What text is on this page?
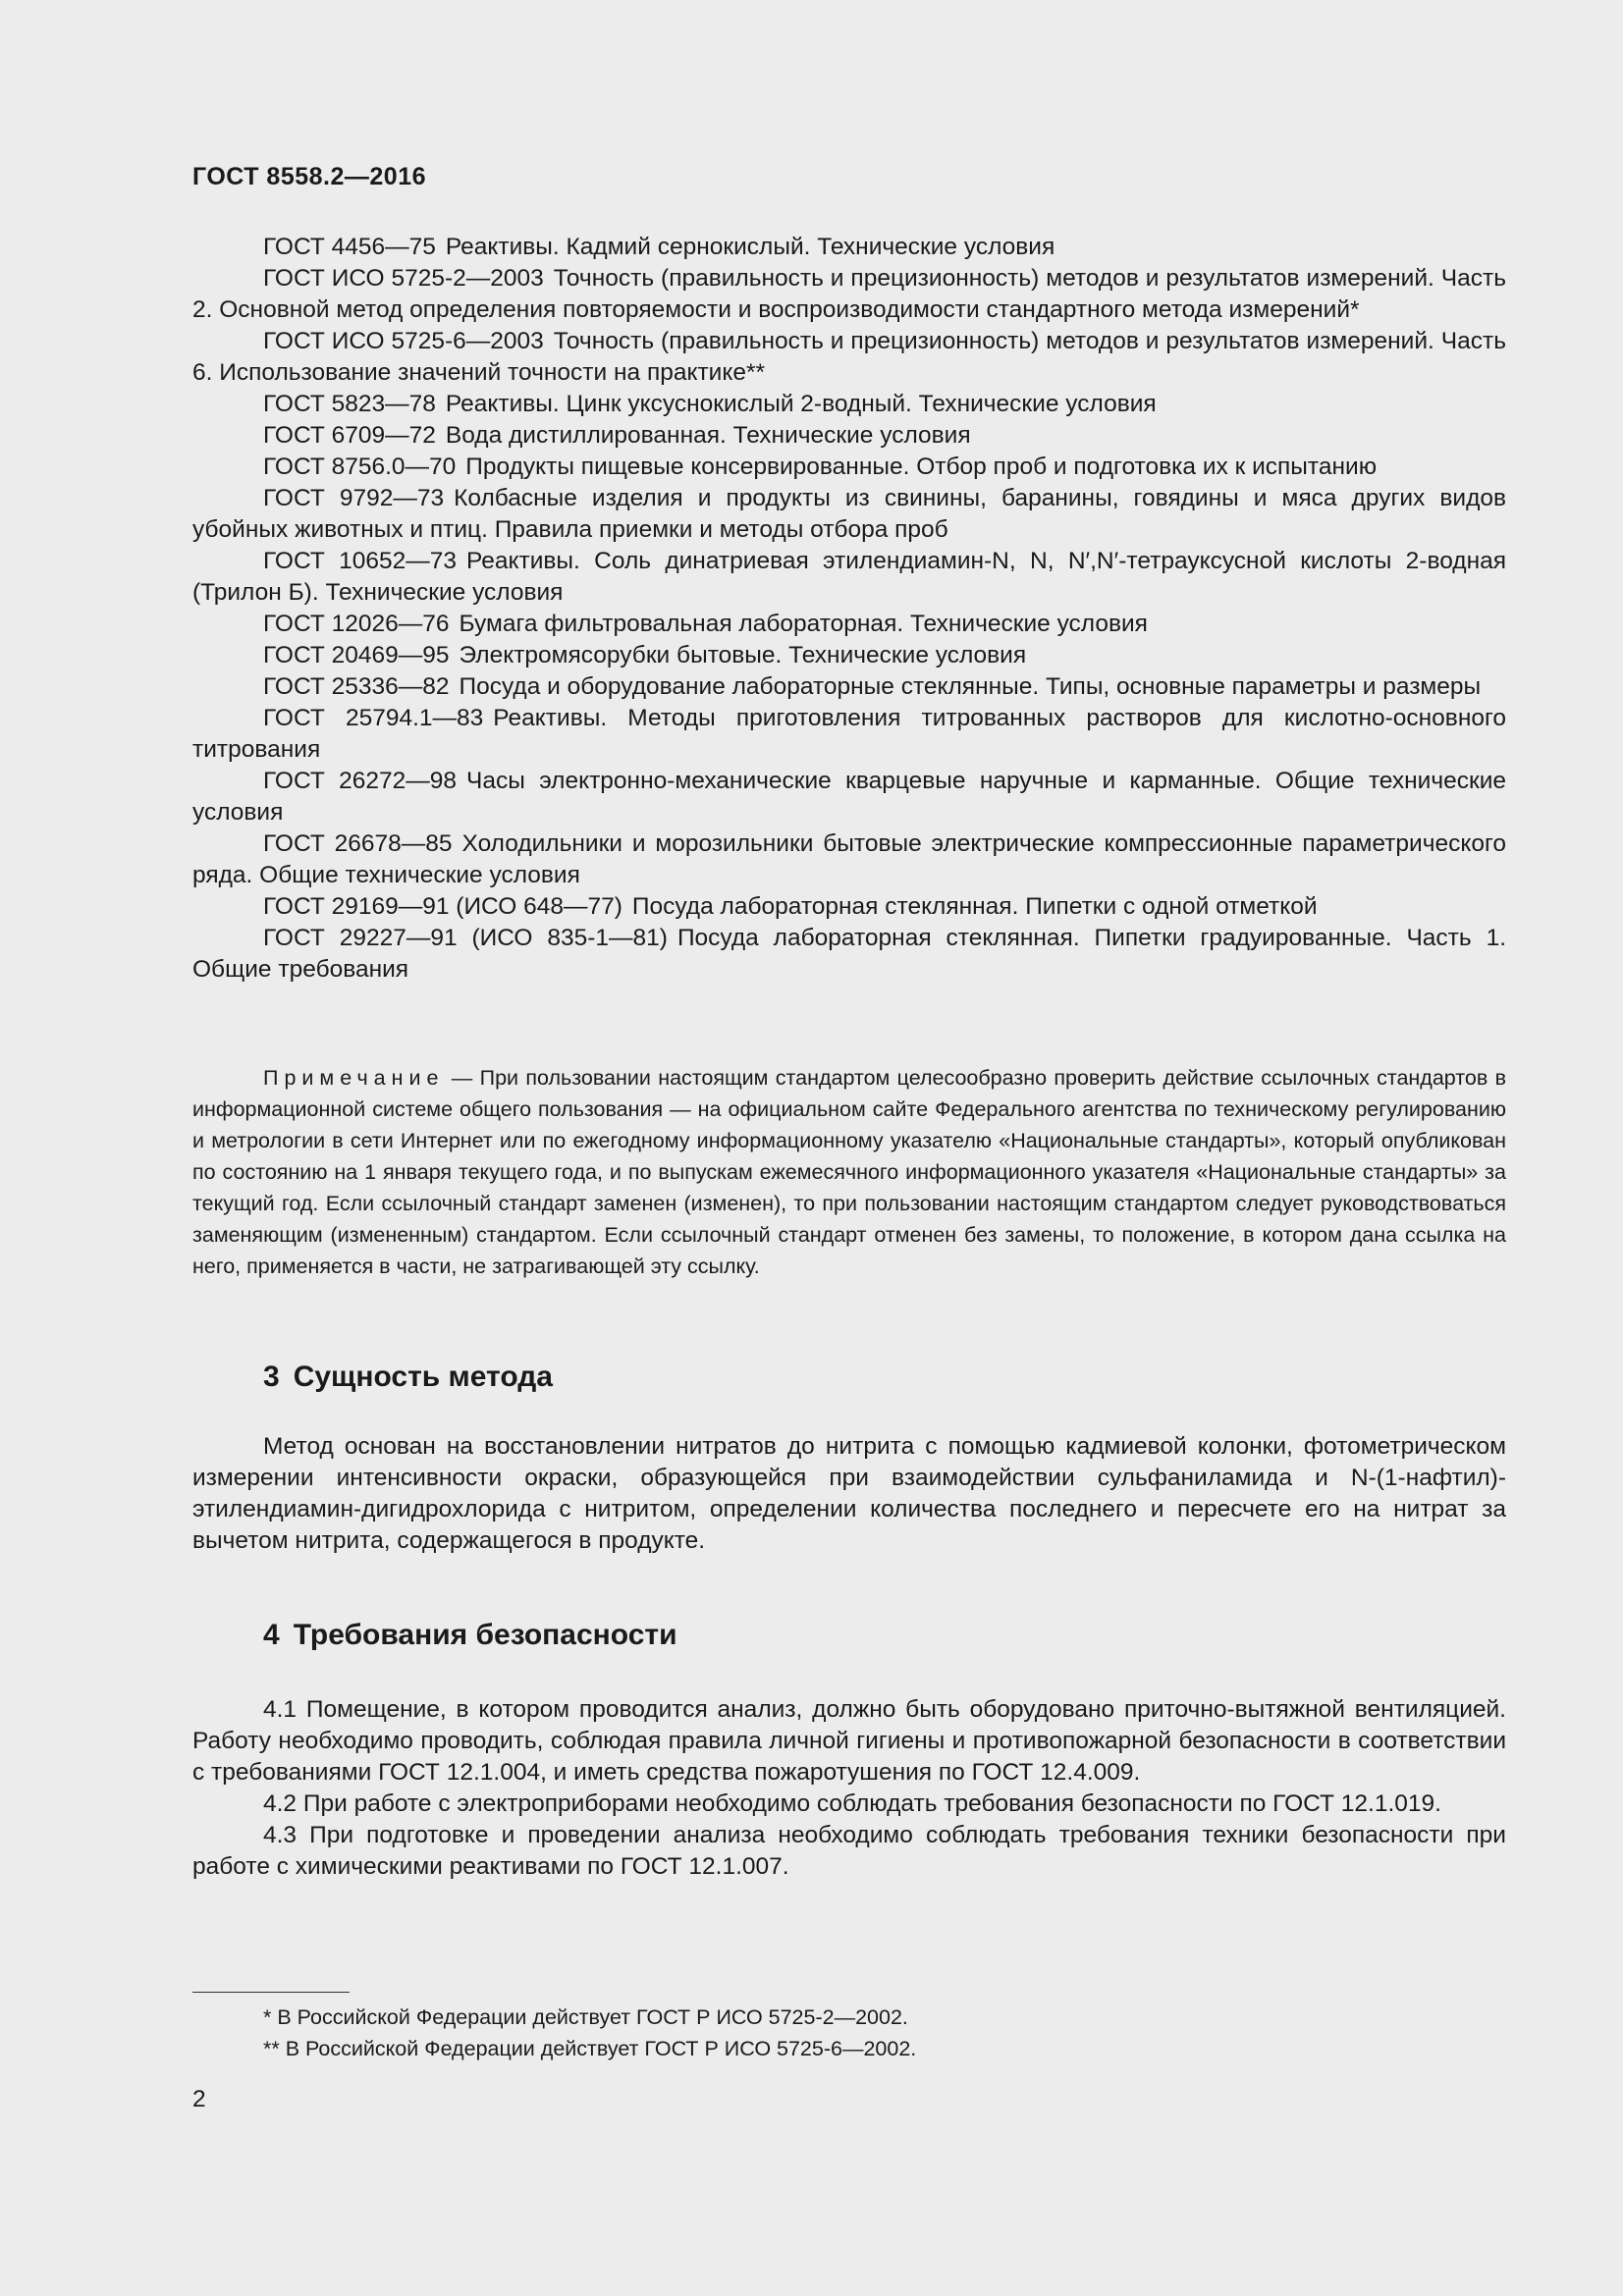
ГОСТ 8558.2—2016

ГОСТ 4456—75 Реактивы. Кадмий сернокислый. Технические условия

ГОСТ ИСО 5725-2—2003 Точность (правильность и прецизионность) методов и результатов измерений. Часть 2. Основной метод определения повторяемости и воспроизводимости стандартного метода измерений*

ГОСТ ИСО 5725-6—2003 Точность (правильность и прецизионность) методов и результатов измерений. Часть 6. Использование значений точности на практике**

ГОСТ 5823—78 Реактивы. Цинк уксуснокислый 2-водный. Технические условия

ГОСТ 6709—72 Вода дистиллированная. Технические условия

ГОСТ 8756.0—70 Продукты пищевые консервированные. Отбор проб и подготовка их к испытанию

ГОСТ 9792—73 Колбасные изделия и продукты из свинины, баранины, говядины и мяса других видов убойных животных и птиц. Правила приемки и методы отбора проб

ГОСТ 10652—73 Реактивы. Соль динатриевая этилендиамин-N, N, N′,N′-тетрауксусной кислоты 2-водная (Трилон Б). Технические условия

ГОСТ 12026—76 Бумага фильтровальная лабораторная. Технические условия

ГОСТ 20469—95 Электромясорубки бытовые. Технические условия

ГОСТ 25336—82 Посуда и оборудование лабораторные стеклянные. Типы, основные параметры и размеры

ГОСТ 25794.1—83 Реактивы. Методы приготовления титрованных растворов для кислотно-основного титрования

ГОСТ 26272—98 Часы электронно-механические кварцевые наручные и карманные. Общие технические условия

ГОСТ 26678—85 Холодильники и морозильники бытовые электрические компрессионные параметрического ряда. Общие технические условия

ГОСТ 29169—91 (ИСО 648—77) Посуда лабораторная стеклянная. Пипетки с одной отметкой

ГОСТ 29227—91 (ИСО 835-1—81) Посуда лабораторная стеклянная. Пипетки градуированные. Часть 1. Общие требования

Примечание — При пользовании настоящим стандартом целесообразно проверить действие ссылочных стандартов в информационной системе общего пользования — на официальном сайте Федерального агентства по техническому регулированию и метрологии в сети Интернет или по ежегодному информационному указателю «Национальные стандарты», который опубликован по состоянию на 1 января текущего года, и по выпускам ежемесячного информационного указателя «Национальные стандарты» за текущий год. Если ссылочный стандарт заменен (изменен), то при пользовании настоящим стандартом следует руководствоваться заменяющим (измененным) стандартом. Если ссылочный стандарт отменен без замены, то положение, в котором дана ссылка на него, применяется в части, не затрагивающей эту ссылку.

3 Сущность метода

Метод основан на восстановлении нитратов до нитрита с помощью кадмиевой колонки, фотометрическом измерении интенсивности окраски, образующейся при взаимодействии сульфаниламида и N-(1-нафтил)-этилендиамин-дигидрохлорида с нитритом, определении количества последнего и пересчете его на нитрат за вычетом нитрита, содержащегося в продукте.

4 Требования безопасности

4.1 Помещение, в котором проводится анализ, должно быть оборудовано приточно-вытяжной вентиляцией. Работу необходимо проводить, соблюдая правила личной гигиены и противопожарной безопасности в соответствии с требованиями ГОСТ 12.1.004, и иметь средства пожаротушения по ГОСТ 12.4.009.

4.2 При работе с электроприборами необходимо соблюдать требования безопасности по ГОСТ 12.1.019.

4.3 При подготовке и проведении анализа необходимо соблюдать требования техники безопасности при работе с химическими реактивами по ГОСТ 12.1.007.

* В Российской Федерации действует ГОСТ Р ИСО 5725-2—2002.

** В Российской Федерации действует ГОСТ Р ИСО 5725-6—2002.

2
